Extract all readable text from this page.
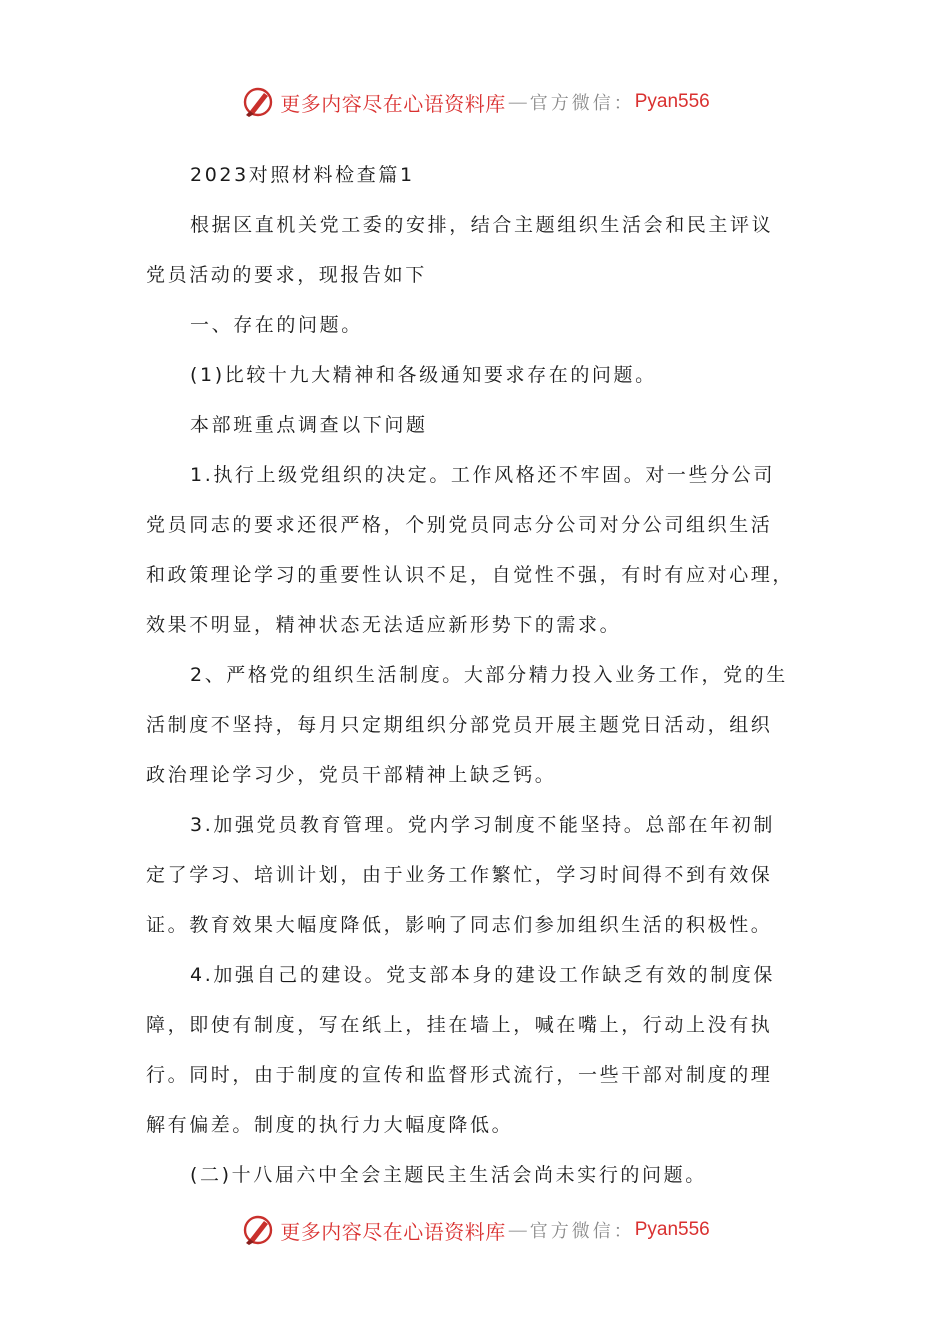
更多内容尽在心语资料库 — 官方微信： Pyan556
2023对照材料检查篇1
根据区直机关党工委的安排，结合主题组织生活会和民主评议
党员活动的要求，现报告如下
一、存在的问题。
(1)比较十九大精神和各级通知要求存在的问题。
本部班重点调查以下问题
1.执行上级党组织的决定。工作风格还不牢固。对一些分公司
党员同志的要求还很严格，个别党员同志分公司对分公司组织生活
和政策理论学习的重要性认识不足，自觉性不强，有时有应对心理，
效果不明显，精神状态无法适应新形势下的需求。
2、严格党的组织生活制度。大部分精力投入业务工作，党的生
活制度不坚持，每月只定期组织分部党员开展主题党日活动，组织
政治理论学习少，党员干部精神上缺乏钙。
3.加强党员教育管理。党内学习制度不能坚持。总部在年初制
定了学习、培训计划，由于业务工作繁忙，学习时间得不到有效保
证。教育效果大幅度降低，影响了同志们参加组织生活的积极性。
4.加强自己的建设。党支部本身的建设工作缺乏有效的制度保
障，即使有制度，写在纸上，挂在墙上，喊在嘴上，行动上没有执
行。同时，由于制度的宣传和监督形式流行，一些干部对制度的理
解有偏差。制度的执行力大幅度降低。
(二)十八届六中全会主题民主生活会尚未实行的问题。
更多内容尽在心语资料库 — 官方微信： Pyan556
